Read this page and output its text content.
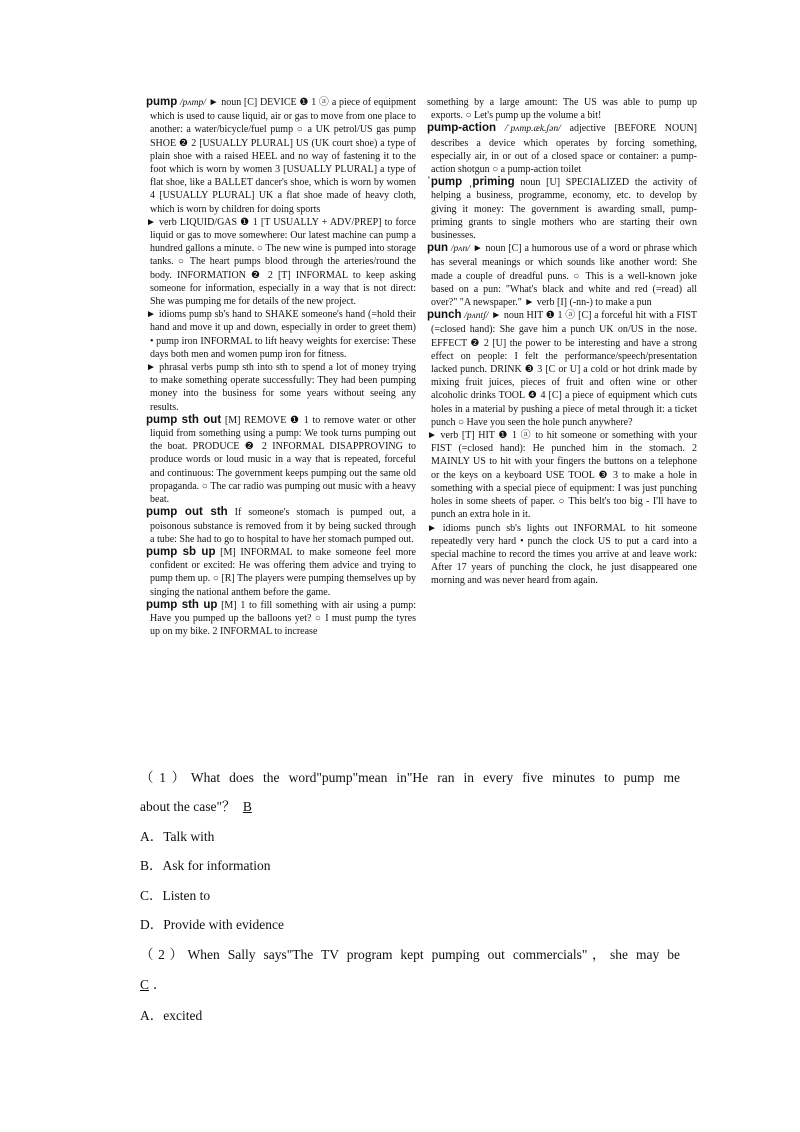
pump /pʌmp/ ► noun [C] DEVICE ❶ 1 ⓐ a piece of equipment which is used to cause liquid, air or gas to move from one place to another: a water/bicycle/fuel pump ○ a UK petrol/US gas pump SHOE ❷ 2 [USUALLY PLURAL] US (UK court shoe) a type of plain shoe with a raised HEEL and no way of fastening it to the foot which is worn by women 3 [USUALLY PLURAL] a type of flat shoe, like a BALLET dancer's shoe, which is worn by women 4 [USUALLY PLURAL] UK a flat shoe made of heavy cloth, which is worn by children for doing sports
► verb LIQUID/GAS ❶ 1 [T USUALLY + ADV/PREP] to force liquid or gas to move somewhere: Our latest machine can pump a hundred gallons a minute. ○ The new wine is pumped into storage tanks. ○ The heart pumps blood through the arteries/round the body. INFORMATION ❷ 2 [T] INFORMAL to keep asking someone for information, especially in a way that is not direct: She was pumping me for details of the new project.
► idioms pump sb's hand to SHAKE someone's hand (=hold their hand and move it up and down, especially in order to greet them) • pump iron INFORMAL to lift heavy weights for exercise: These days both men and women pump iron for fitness.
► phrasal verbs pump sth into sth to spend a lot of money trying to make something operate successfully: They had been pumping money into the business for some years without seeing any results.
pump sth out [M] REMOVE ❶ 1 to remove water or other liquid from something using a pump: We took turns pumping out the boat. PRODUCE ❷ 2 INFORMAL DISAPPROVING to produce words or loud music in a way that is repeated, forceful and continuous: The government keeps pumping out the same old propaganda. ○ The car radio was pumping out music with a heavy beat.
pump out sth If someone's stomach is pumped out, a poisonous substance is removed from it by being sucked through a tube: She had to go to hospital to have her stomach pumped out.
pump sb up [M] INFORMAL to make someone feel more confident or excited: He was offering them advice and trying to pump them up. ○ [R] The players were pumping themselves up by singing the national anthem before the game.
pump sth up [M] 1 to fill something with air using a pump: Have you pumped up the balloons yet? ○ I must pump the tyres up on my bike. 2 INFORMAL to increase
something by a large amount: The US was able to pump up exports. ○ Let's pump up the volume a bit!
pump-action /ˈpʌmp.æk.ʃən/ adjective [BEFORE NOUN] describes a device which operates by forcing something, especially air, in or out of a closed space or container: a pump-action shotgun ○ a pump-action toilet
ˈpump ˌpriming noun [U] SPECIALIZED the activity of helping a business, programme, economy, etc. to develop by giving it money: The government is awarding small, pump-priming grants to single mothers who are starting their own businesses.
pun /pʌn/ ► noun [C] a humorous use of a word or phrase which has several meanings or which sounds like another word: She made a couple of dreadful puns. ○ This is a well-known joke based on a pun: "What's black and white and red (=read) all over?" "A newspaper." ► verb [I] (-nn-) to make a pun
punch /pʌntʃ/ ► noun HIT ❶ 1 ⓐ [C] a forceful hit with a FIST (=closed hand): She gave him a punch UK on/US in the nose. EFFECT ❷ 2 [U] the power to be interesting and have a strong effect on people: I felt the performance/speech/presentation lacked punch. DRINK ❸ 3 [C or U] a cold or hot drink made by mixing fruit juices, pieces of fruit and often wine or other alcoholic drinks TOOL ❹ 4 [C] a piece of equipment which cuts holes in a material by pushing a piece of metal through it: a ticket punch ○ Have you seen the hole punch anywhere?
► verb [T] HIT ❶ 1 ⓐ to hit someone or something with your FIST (=closed hand): He punched him in the stomach. 2 MAINLY US to hit with your fingers the buttons on a telephone or the keys on a keyboard USE TOOL ❸ 3 to make a hole in something with a special piece of equipment: I was just punching holes in some sheets of paper. ○ This belt's too big - I'll have to punch an extra hole in it.
► idioms punch sb's lights out INFORMAL to hit someone repeatedly very hard • punch the clock US to put a card into a special machine to record the times you arrive at and leave work: After 17 years of punching the clock, he just disappeared one morning and was never heard from again.

（1）What does the word"pump"mean in"He ran in every five minutes to pump me

about the case"？ B
A．Talk with
B．Ask for information
C．Listen to
D．Provide with evidence

（2）When Sally says"The TV program kept pumping out commercials"，she may be

C ．
A．excited
